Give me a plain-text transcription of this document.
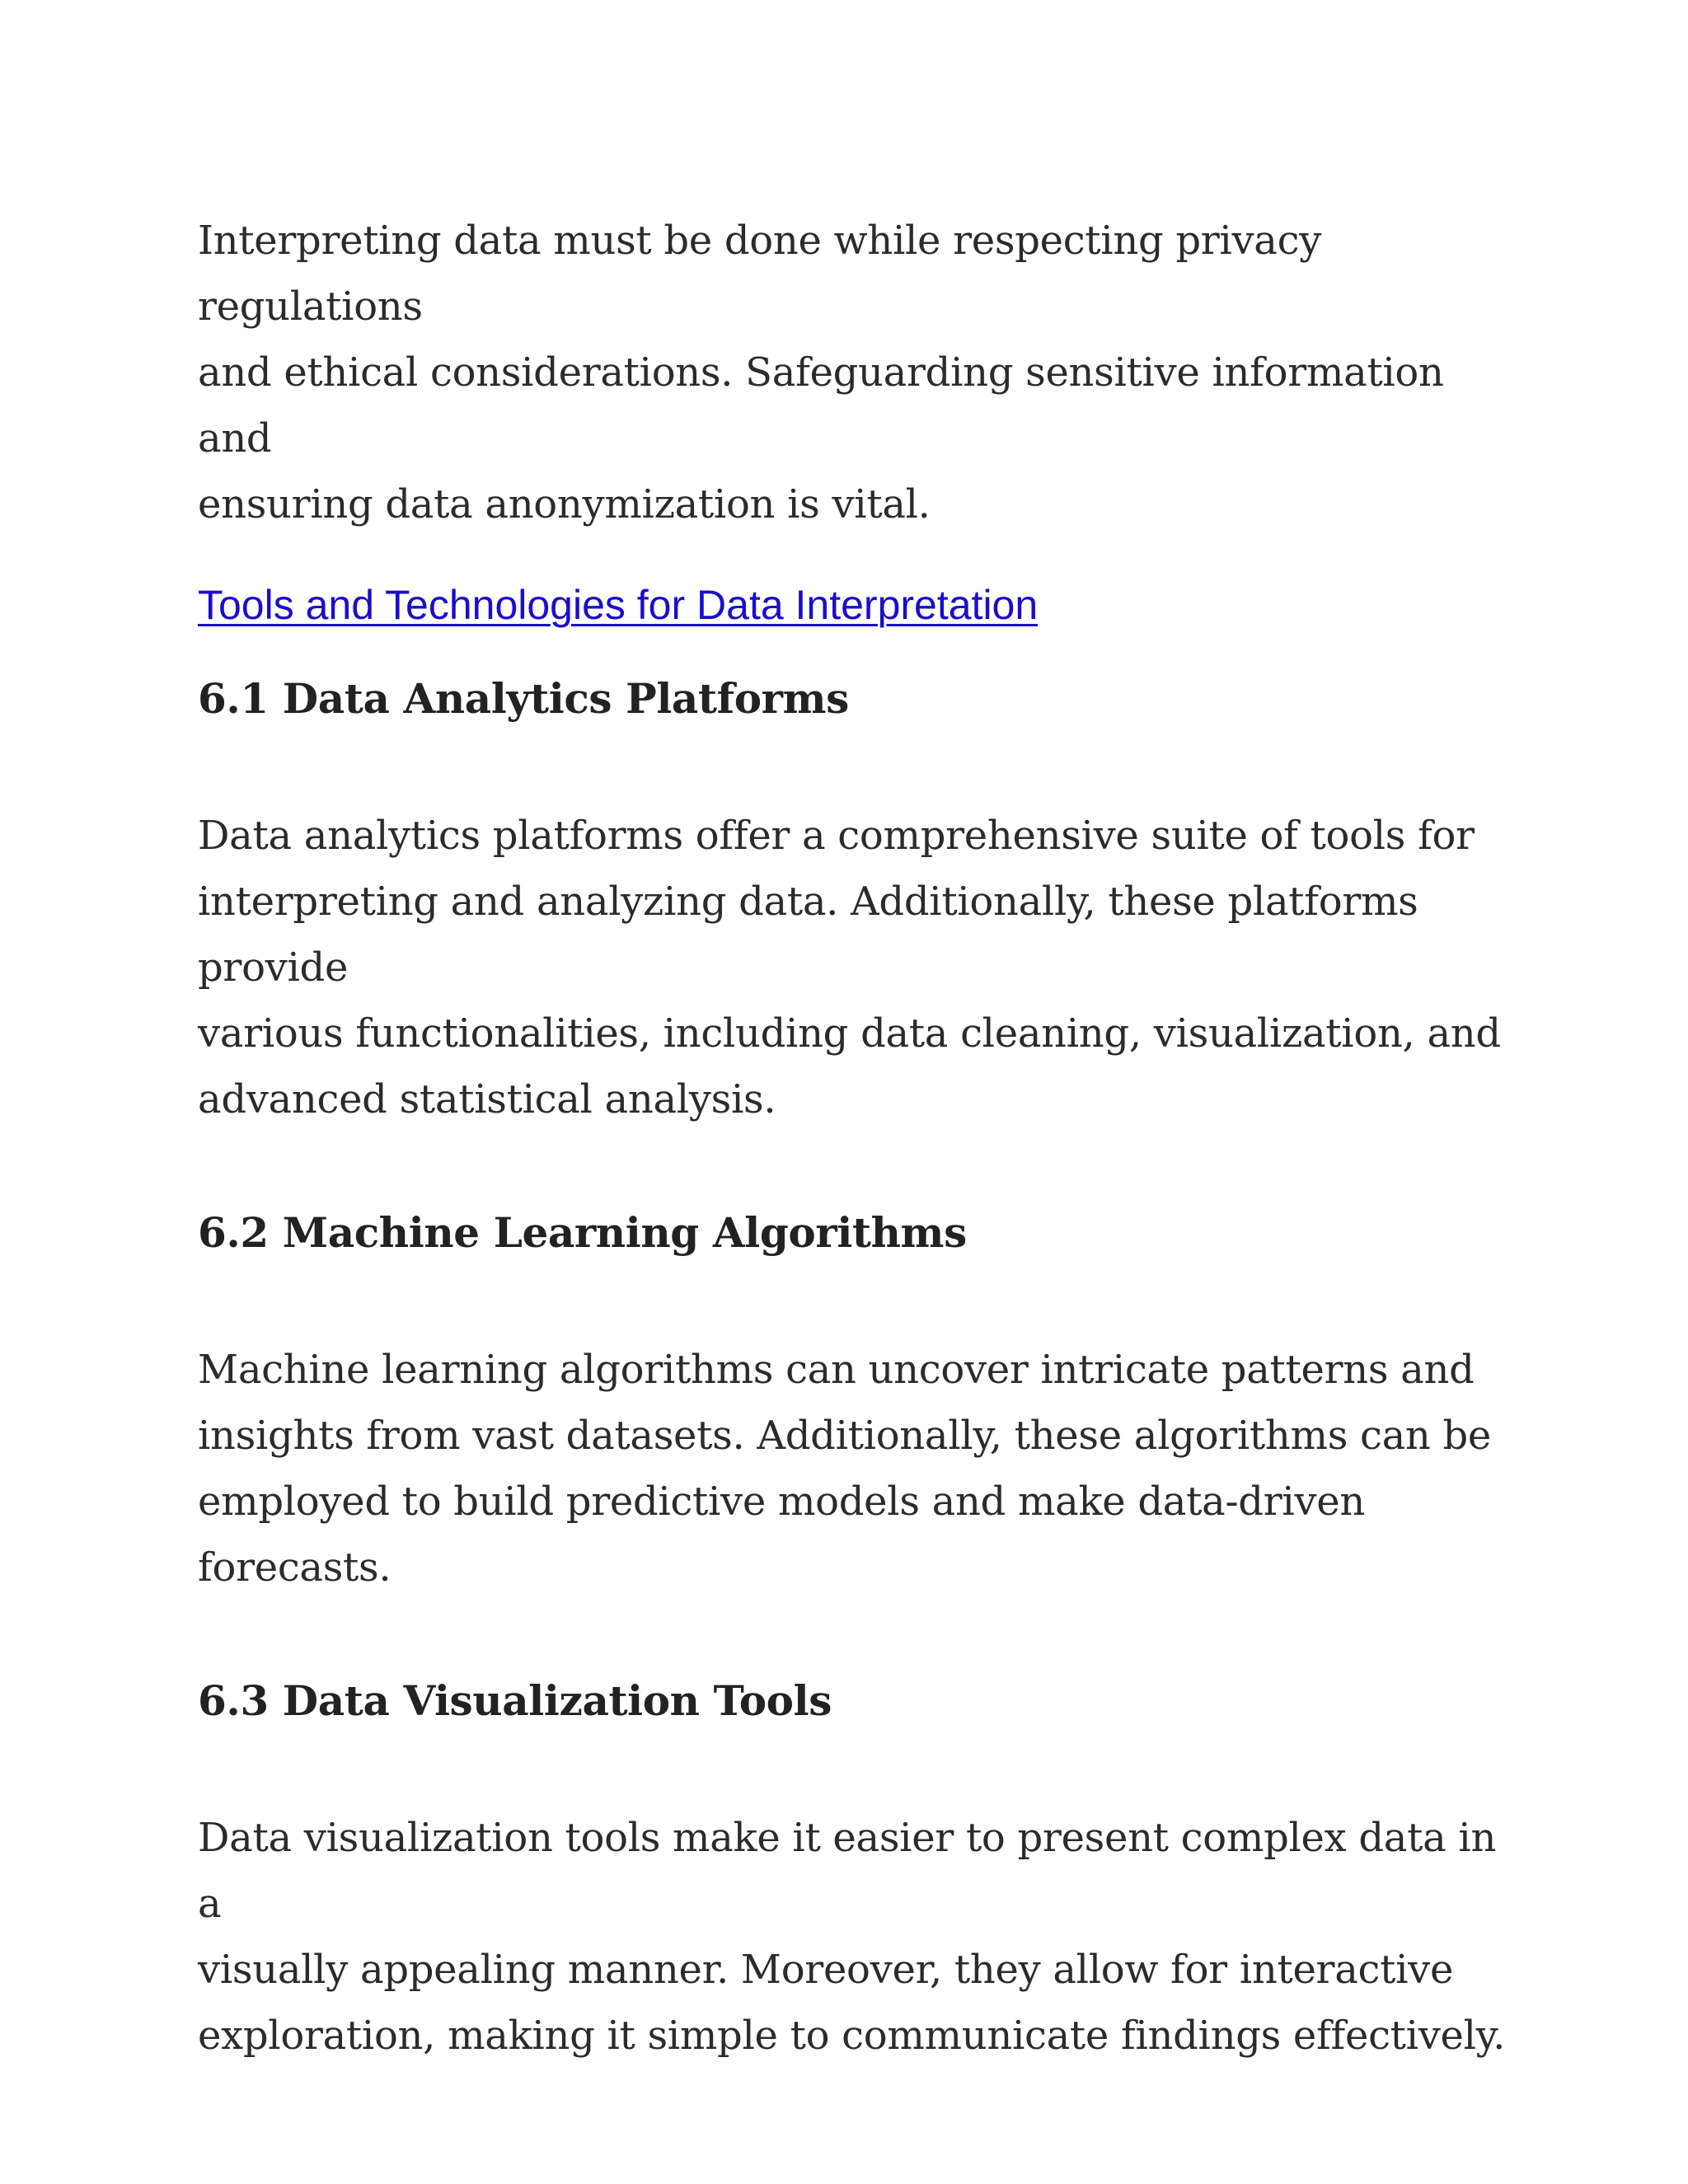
Interpreting data must be done while respecting privacy regulations
and ethical considerations. Safeguarding sensitive information and
ensuring data anonymization is vital.

Tools and Technologies for Data Interpretation

6.1 Data Analytics Platforms
Data analytics platforms offer a comprehensive suite of tools for
interpreting and analyzing data. Additionally, these platforms provide
various functionalities, including data cleaning, visualization, and
advanced statistical analysis.
6.2 Machine Learning Algorithms
Machine learning algorithms can uncover intricate patterns and
insights from vast datasets. Additionally, these algorithms can be
employed to build predictive models and make data-driven forecasts.
6.3 Data Visualization Tools
Data visualization tools make it easier to present complex data in a
visually appealing manner. Moreover, they allow for interactive
exploration, making it simple to communicate findings effectively.
